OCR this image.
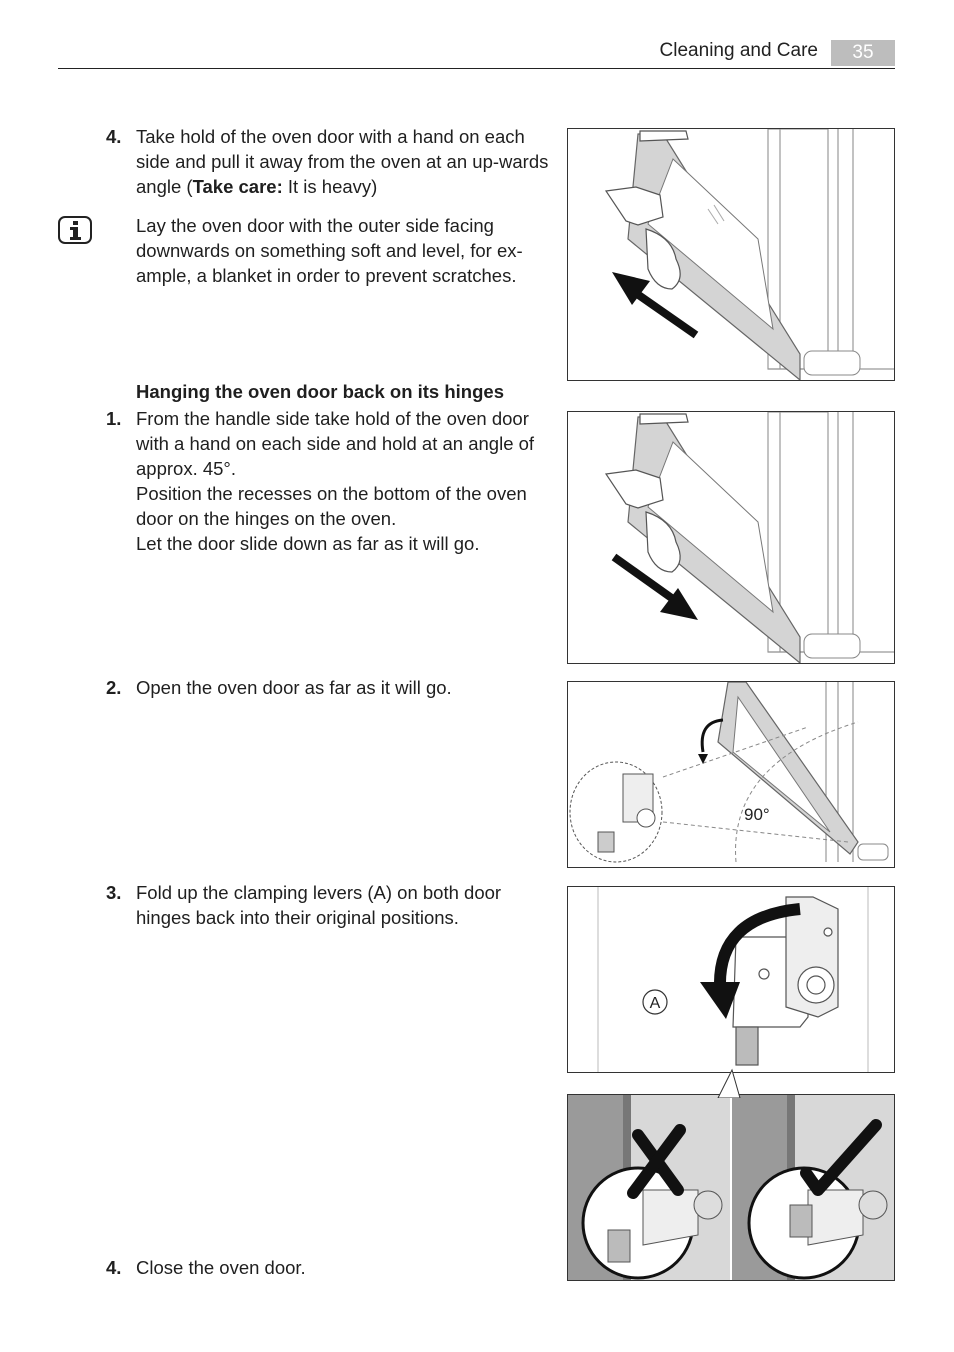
Cleaning and Care	35
4. Take hold of the oven door with a hand on each side and pull it away from the oven at an up-wards angle (Take care: It is heavy)

Lay the oven door with the outer side facing downwards on something soft and level, for ex-ample, a blanket in order to prevent scratches.

Hanging the oven door back on its hinges
1. From the handle side take hold of the oven door with a hand on each side and hold at an angle of approx. 45°.

Position the recesses on the bottom of the oven door on the hinges on the oven.

Let the door slide down as far as it will go.

2. Open the oven door as far as it will go.

3. Fold up the clamping levers (A) on both door hinges back into their original positions.

4. Close the oven door.

90°
A
